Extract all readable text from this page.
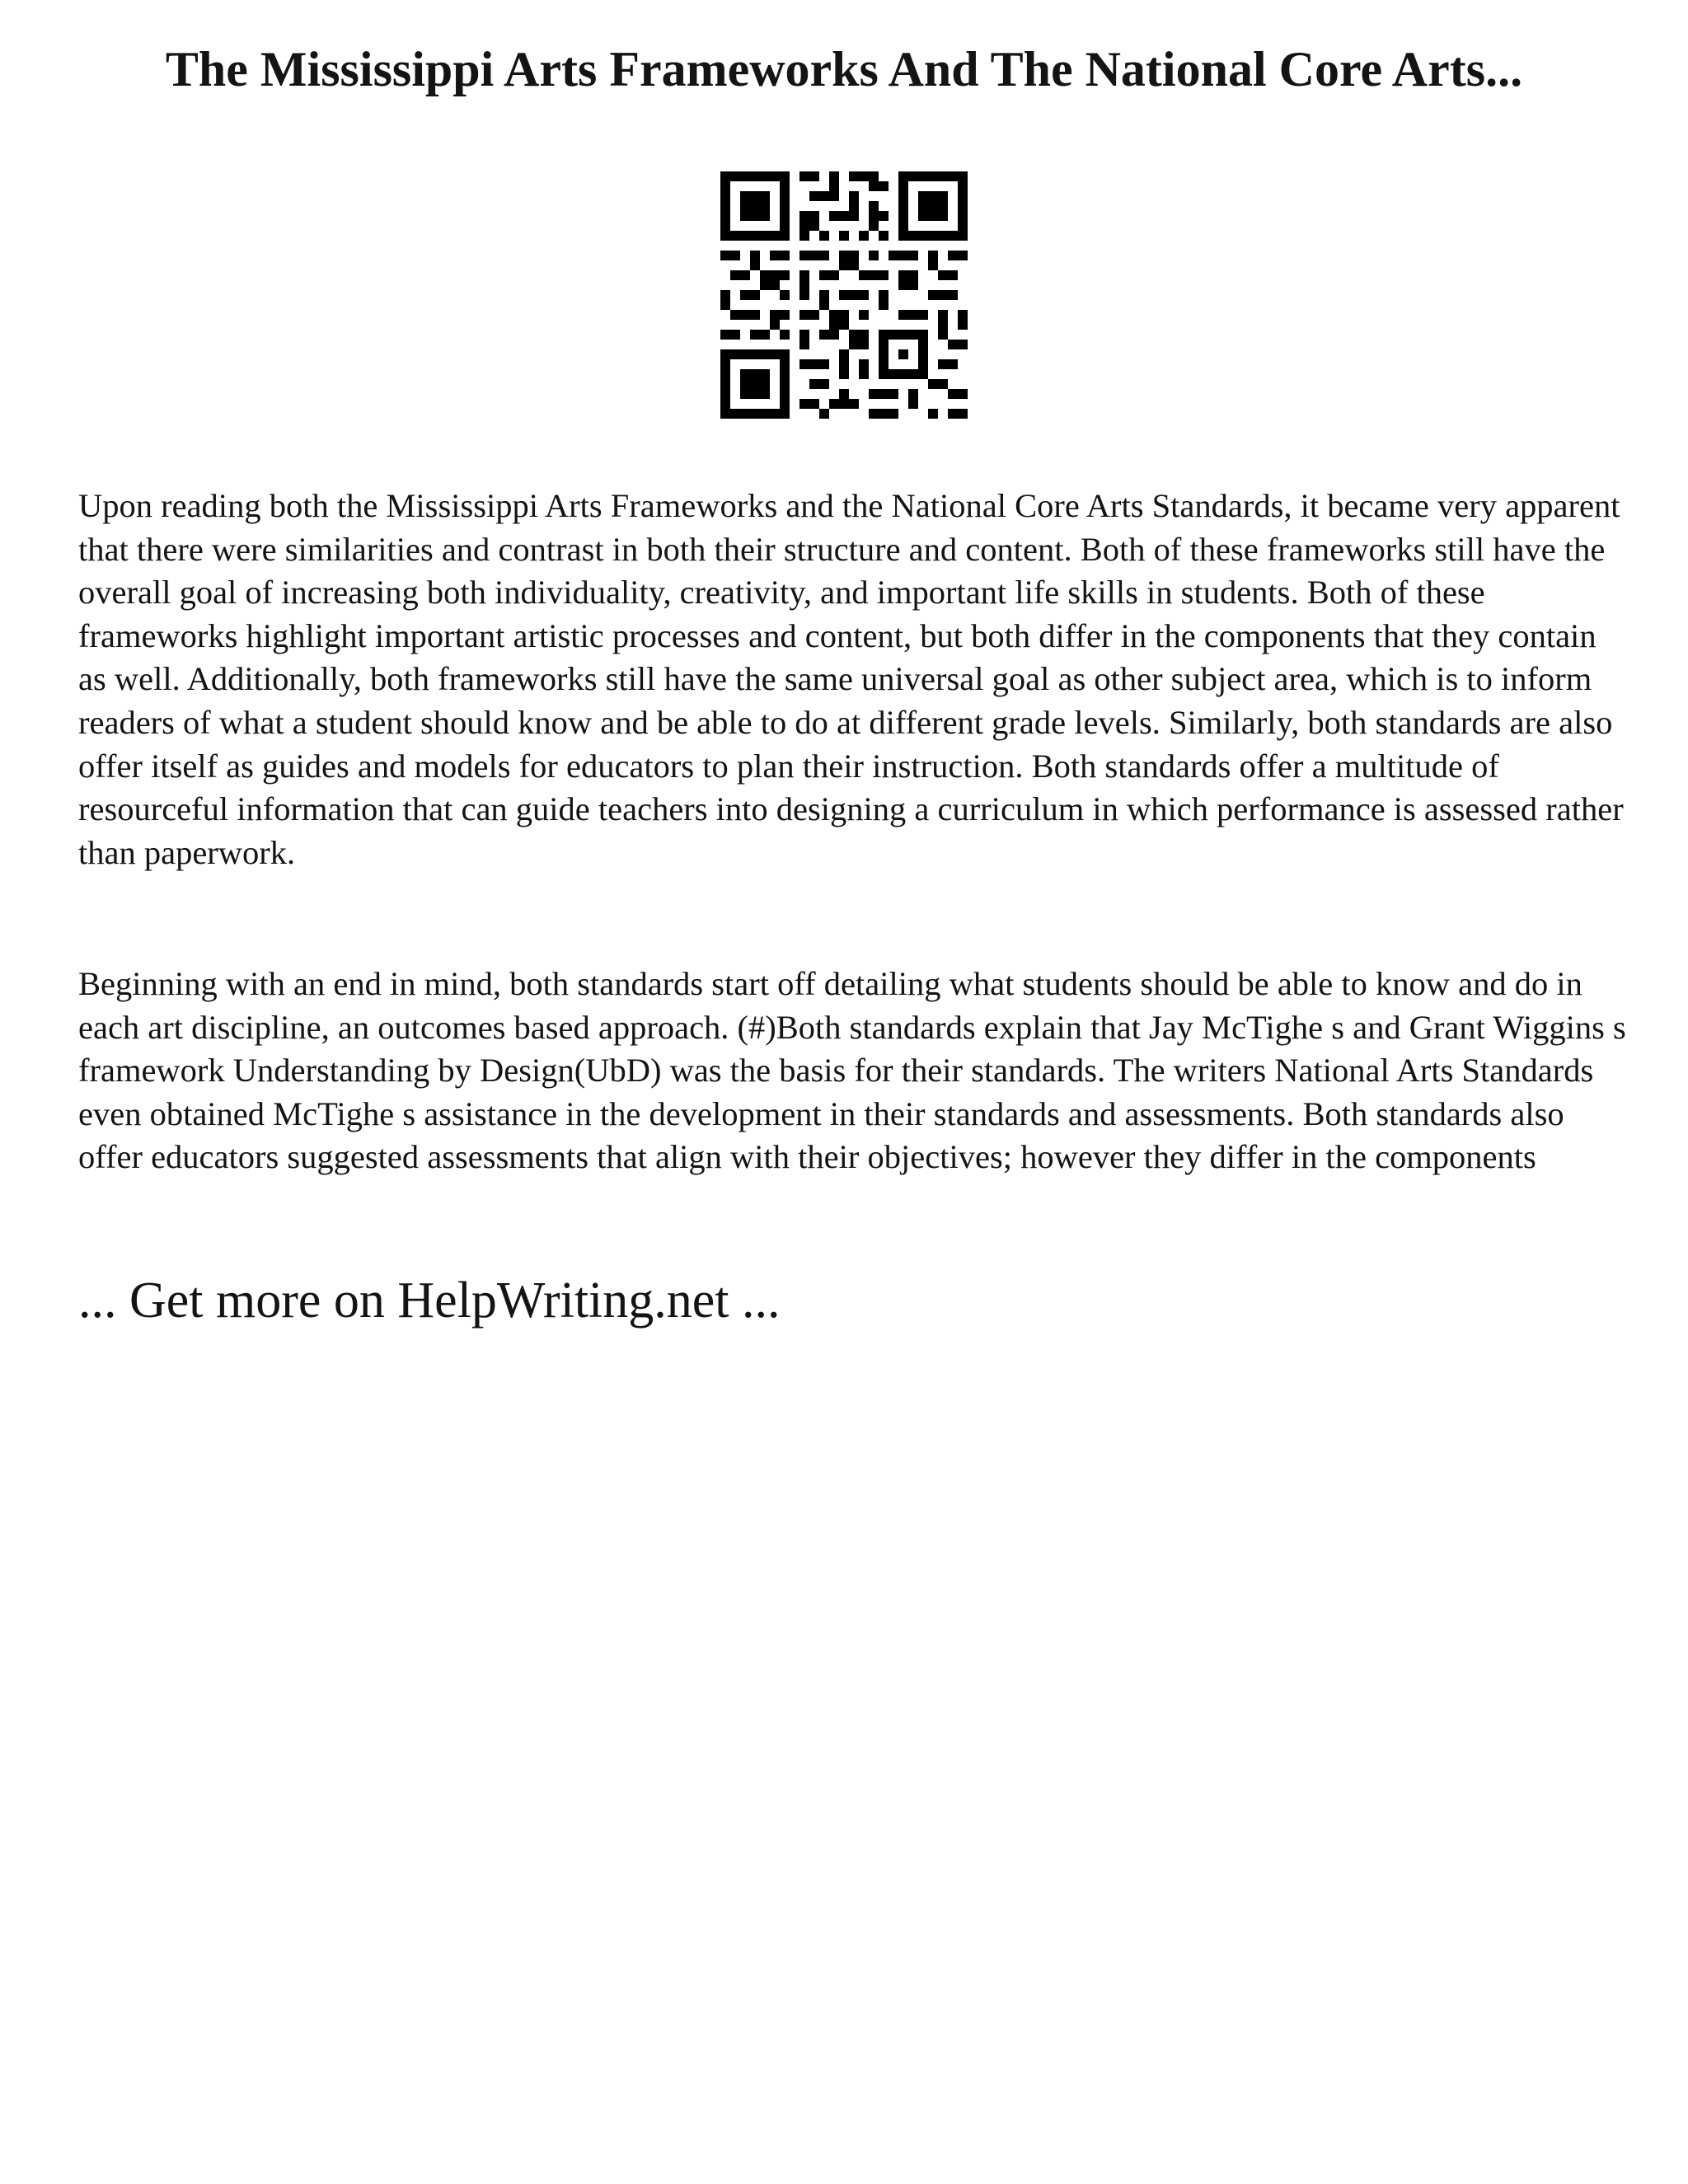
The Mississippi Arts Frameworks And The National Core Arts...

Upon reading both the Mississippi Arts Frameworks and the National Core Arts Standards, it became very apparent that there were similarities and contrast in both their structure and content. Both of these frameworks still have the overall goal of increasing both individuality, creativity, and important life skills in students. Both of these frameworks highlight important artistic processes and content, but both differ in the components that they contain as well. Additionally, both frameworks still have the same universal goal as other subject area, which is to inform readers of what a student should know and be able to do at different grade levels. Similarly, both standards are also offer itself as guides and models for educators to plan their instruction. Both standards offer a multitude of resourceful information that can guide teachers into designing a curriculum in which performance is assessed rather than paperwork.

Beginning with an end in mind, both standards start off detailing what students should be able to know and do in each art discipline, an outcomes based approach. (#)Both standards explain that Jay McTighe s and Grant Wiggins s framework Understanding by Design(UbD) was the basis for their standards. The writers National Arts Standards even obtained McTighe s assistance in the development in their standards and assessments. Both standards also offer educators suggested assessments that align with their objectives; however they differ in the components

... Get more on HelpWriting.net ...
